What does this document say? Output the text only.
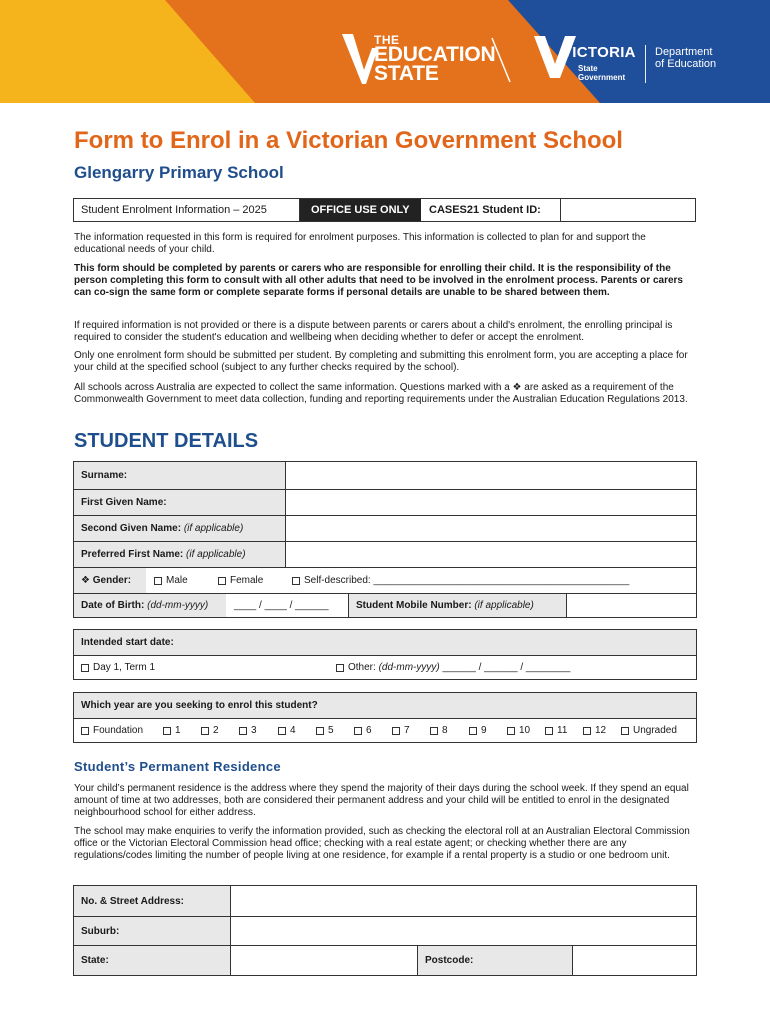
THE
EDUCATION
STATE
VICTORIA
State
Government
Department
of Education
Form to Enrol in a Victorian Government School
Glengarry Primary School
Student Enrolment Information – 2025	OFFICE USE ONLY	CASES21 Student ID:
The information requested in this form is required for enrolment purposes. This information is collected to plan for and support the educational needs of your child.
This form should be completed by parents or carers who are responsible for enrolling their child. It is the responsibility of the person completing this form to consult with all other adults that need to be involved in the enrolment process. Parents or carers can co-sign the same form or complete separate forms if personal details are unable to be shared between them.
If required information is not provided or there is a dispute between parents or carers about a child's enrolment, the enrolling principal is required to consider the student's education and wellbeing when deciding whether to defer or accept the enrolment.
Only one enrolment form should be submitted per student. By completing and submitting this enrolment form, you are accepting a place for your child at the specified school (subject to any further checks required by the school).
All schools across Australia are expected to collect the same information. Questions marked with a ❖ are asked as a requirement of the Commonwealth Government to meet data collection, funding and reporting requirements under the Australian Education Regulations 2013.
STUDENT DETAILS
Surname:
First Given Name:
Second Given Name:
(if applicable)
Preferred First Name:
(if applicable)
❖ Gender:	Male	Female	Self-described: ______________________________________________
Date of Birth:
(dd-mm-yyyy)	____ / ____ / ______	Student Mobile Number:
(if applicable)
Intended start date:
Day 1, Term 1	Other:
(dd-mm-yyyy)
______ / ______ / ________
Which year are you seeking to enrol this student?
Foundation	1	2	3	4	5	6	7	8	9	10	11	12	Ungraded
Student’s Permanent Residence
Your child’s permanent residence is the address where they spend the majority of their days during the school week. If they spend an equal amount of time at two addresses, both are considered their permanent address and your child will be entitled to enrol in the designated neighbourhood school for either address.
The school may make enquiries to verify the information provided, such as checking the electoral roll at an Australian Electoral Commission office or the Victorian Electoral Commission head office; checking with a real estate agent; or checking whether there are any regulations/codes limiting the number of people living at one residence, for example if a rental property is a studio or one bedroom unit.
No. & Street Address:
Suburb:
State:	Postcode:
